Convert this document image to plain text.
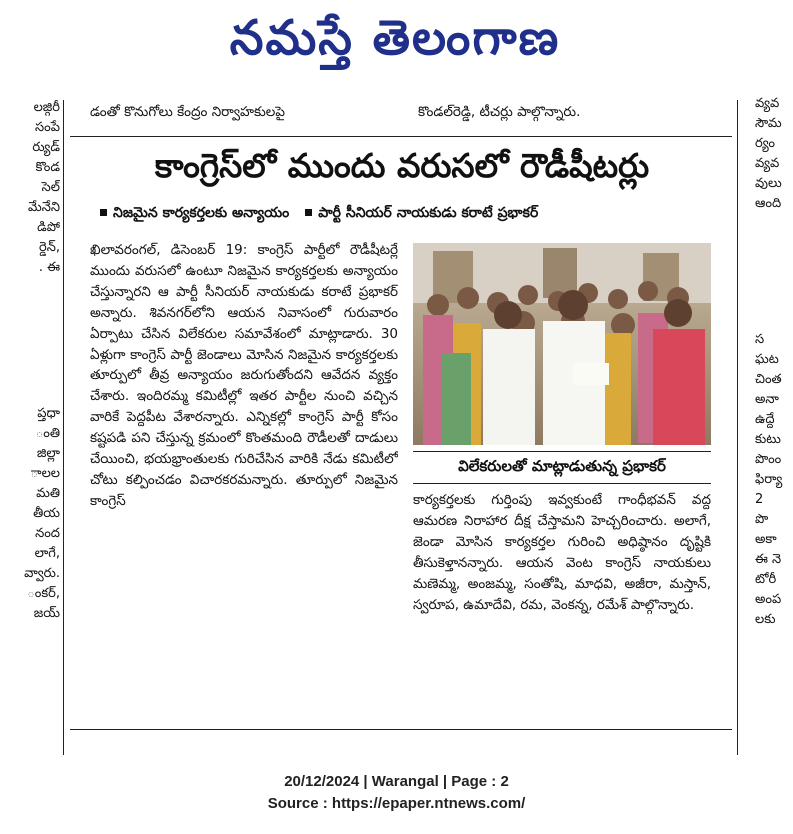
నమస్తే తెలంగాణ
డంతో కొనుగోలు కేంద్రం నిర్వాహకులపై	కొండల్‌రెడ్డి, టీచర్లు పాల్గొన్నారు.
లజ్గిరీ
సంపే
ర్యుడ్
కొండ
సెల్
మేనేని
డిపో
ర్డెన్,
. ఈ
ప్తధా
ంతి
జిల్లా
ాలల
మతి
తీయ
నంద
లాగే,
వ్వారు.
ంకర్,
జయ్
వ్యవ
సౌమ
ర్యం
వ్యవ
వులు
ఆంది
స
ఘట
చింత
అనా
ఉద్దే
కుటు
పొంం
ఫిర్యా
2
పొ
అకా
ఈ నె
టోరీ
అంప
లకు
కాంగ్రెస్‌లో ముందు వరుసలో రౌడీషీటర్లు
నిజమైన కార్యకర్తలకు అన్యాయం	పార్టీ సీనియర్ నాయకుడు కరాటే ప్రభాకర్
ఖిలావరంగల్, డిసెంబర్ 19: కాంగ్రెస్ పార్టీలో రౌడీషీటర్లే ముందు వరుసలో ఉంటూ నిజమైన కార్యకర్తలకు అన్యాయం చేస్తున్నారని ఆ పార్టీ సీనియర్ నాయకుడు కరాటే ప్రభాకర్ అన్నారు. శివనగర్‌లోని ఆయన నివాసంలో గురువారం ఏర్పాటు చేసిన విలేకరుల సమావేశంలో మాట్లాడారు. 30 ఏళ్లుగా కాంగ్రెస్ పార్టీ జెండాలు మోసిన నిజమైన కార్యకర్తలకు తూర్పులో తీవ్ర అన్యాయం జరుగుతోందని ఆవేదన వ్యక్తం చేశారు. ఇందిరమ్మ కమిటీల్లో ఇతర పార్టీల నుంచి వచ్చిన వారికే పెద్దపీట వేశారన్నారు. ఎన్నికల్లో కాంగ్రెస్ పార్టీ కోసం కష్టపడి పని చేస్తున్న క్రమంలో కొంతమంది రౌడీలతో దాడులు చేయించి, భయభ్రాంతులకు గురిచేసిన వారికి నేడు కమిటీలో చోటు కల్పించడం విచారకరమన్నారు. తూర్పులో నిజమైన కాంగ్రెస్
విలేకరులతో మాట్లాడుతున్న ప్రభాకర్
కార్యకర్తలకు గుర్తింపు ఇవ్వకుంటే గాంధీభవన్ వద్ద ఆమరణ నిరాహార దీక్ష చేస్తామని హెచ్చరించారు. అలాగే, జెండా మోసిన కార్యకర్తల గురించి అధిష్ఠానం దృష్టికి తీసుకెళ్తానన్నారు. ఆయన వెంట కాంగ్రెస్ నాయకులు మణెమ్మ, అంజమ్మ, సంతోషి, మాధవి, అజీరా, మస్తాన్, స్వరూప, ఉమాదేవి, రమ, వెంకన్న, రమేశ్ పాల్గొన్నారు.
20/12/2024 | Warangal | Page : 2
Source : https://epaper.ntnews.com/
